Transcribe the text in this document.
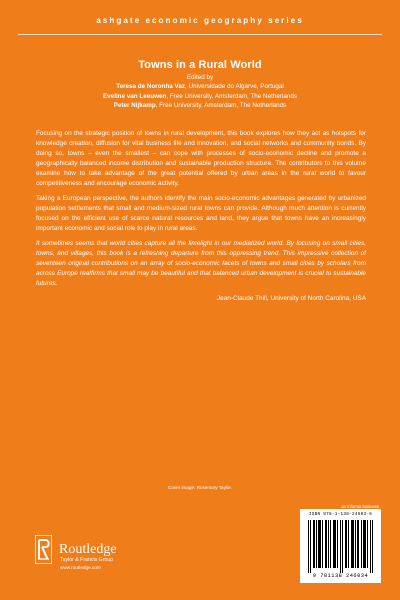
ashgate economic geography series
Towns in a Rural World
Edited by
Teresa de Noronha Vaz, Universidade do Algarve, Portugal
Eveline van Leeuwen, Free University, Amsterdam, The Netherlands
Peter Nijkamp, Free University, Amsterdam, The Netherlands

Focusing on the strategic position of towns in rural development, this book explores how they act as hotspots for knowledge creation, diffusion for vital business life and innovation, and social networks and community bonds. By doing so, towns – even the smallest – can cope with processes of socio-economic decline and promote a geographically balanced income distribution and sustainable production structure. The contributors to this volume examine how to take advantage of the great potential offered by urban areas in the rural world to favour competitiveness and encourage economic activity.

Taking a European perspective, the authors identify the main socio-economic advantages generated by urbanized population settlements that small and medium-sized rural towns can provide. Although much attention is currently focused on the efficient use of scarce natural resources and land, they argue that towns have an increasingly important economic and social role to play in rural areas.

It sometimes seems that world cities capture all the limelight in our mediatized world. By focusing on small cities, towns, and villages, this book is a refreshing departure from this oppressing trend. This impressive collection of seventeen original contributions on an array of socio-economic facets of towns and small cities by scholars from across Europe reaffirms that small may be beautiful and that balanced urban development is crucial to sustainable futures.

Jean-Claude Thill, University of North Carolina, USA
Cover image: Rosemary Taylor.
an informa business
ISBN 978-1-138-24603-6
9 781138 246034
Routledge
Taylor & Francis Group
www.routledge.com
